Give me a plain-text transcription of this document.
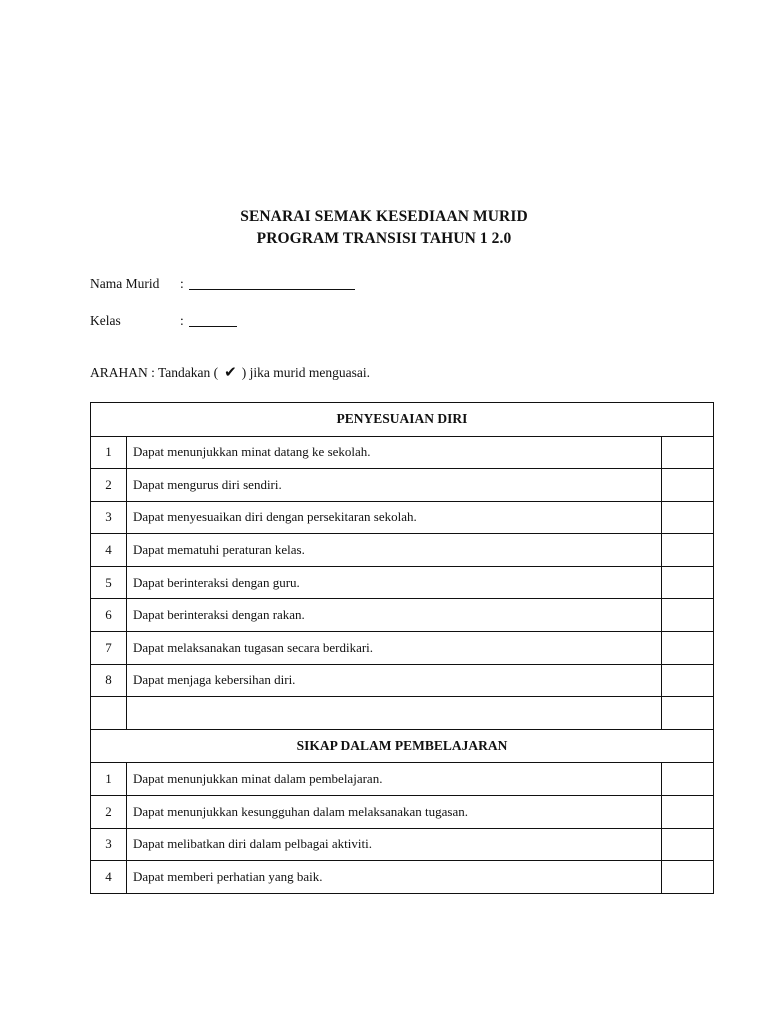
SENARAI SEMAK KESEDIAAN MURID
PROGRAM TRANSISI TAHUN 1 2.0
Nama Murid :
Kelas	:
ARAHAN : Tandakan ( ✔ ) jika murid menguasai.
PENYESUAIAN DIRI		
1	Dapat menunjukkan minat datang ke sekolah.	
2	Dapat mengurus diri sendiri.	
3	Dapat menyesuaikan diri dengan persekitaran sekolah.	
4	Dapat mematuhi peraturan kelas.	
5	Dapat berinteraksi dengan guru.	
6	Dapat berinteraksi dengan rakan.	
7	Dapat melaksanakan tugasan secara berdikari.	
8	Dapat menjaga kebersihan diri.	

SIKAP DALAM PEMBELAJARAN		
1	Dapat menunjukkan minat dalam pembelajaran.	
2	Dapat menunjukkan kesungguhan dalam melaksanakan tugasan.	
3	Dapat melibatkan diri dalam pelbagai aktiviti.	
4	Dapat memberi perhatian yang baik.	
